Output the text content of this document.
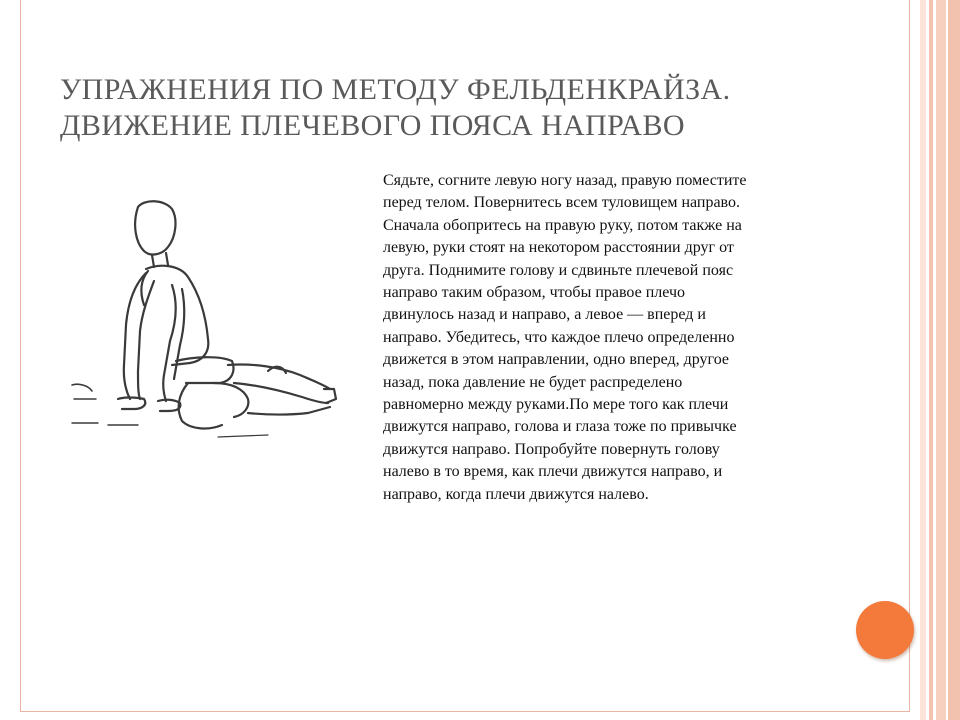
УПРАЖНЕНИЯ ПО МЕТОДУ ФЕЛЬДЕНКРАЙЗА.
ДВИЖЕНИЕ ПЛЕЧЕВОГО ПОЯСА НАПРАВО
Сядьте, согните левую ногу назад, правую поместите
перед телом. Повернитесь всем туловищем направо.
Сначала обопритесь на правую руку, потом также на
левую, руки стоят на некотором расстоянии друг от
друга. Поднимите голову и сдвиньте плечевой пояс
направо таким образом, чтобы правое плечо
двинулось назад и направо, а левое — вперед и
направо. Убедитесь, что каждое плечо определенно
движется в этом направлении, одно вперед, другое
назад, пока давление не будет распределено
равномерно между руками.По мере того как плечи
движутся направо, голова и глаза тоже по привычке
движутся направо. Попробуйте повернуть голову
налево в то время, как плечи движутся направо, и
направо, когда плечи движутся налево.
